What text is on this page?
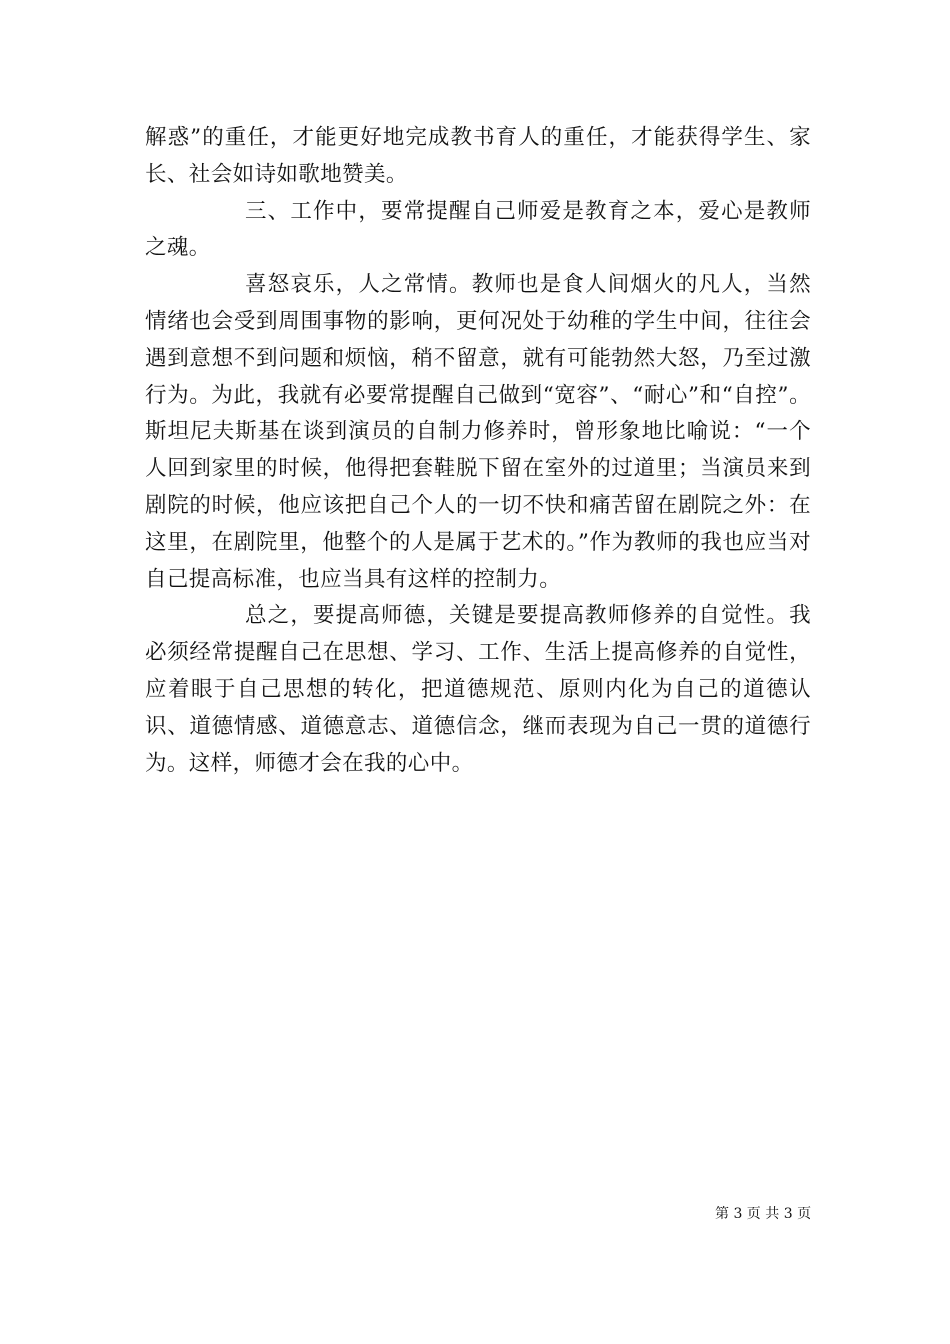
解惑”的重任，才能更好地完成教书育人的重任，才能获得学生、家长、社会如诗如歌地赞美。

三、工作中，要常提醒自己师爱是教育之本，爱心是教师之魂。

喜怒哀乐，人之常情。教师也是食人间烟火的凡人，当然情绪也会受到周围事物的影响，更何况处于幼稚的学生中间，往往会遇到意想不到问题和烦恼，稍不留意，就有可能勃然大怒，乃至过激行为。为此，我就有必要常提醒自己做到“宽容”、“耐心”和“自控”。斯坦尼夫斯基在谈到演员的自制力修养时，曾形象地比喻说：“一个人回到家里的时候，他得把套鞋脱下留在室外的过道里；当演员来到剧院的时候，他应该把自己个人的一切不快和痛苦留在剧院之外：在这里，在剧院里，他整个的人是属于艺术的。”作为教师的我也应当对自己提高标准，也应当具有这样的控制力。

总之，要提高师德，关键是要提高教师修养的自觉性。我必须经常提醒自己在思想、学习、工作、生活上提高修养的自觉性，应着眼于自己思想的转化，把道德规范、原则内化为自己的道德认识、道德情感、道德意志、道德信念，继而表现为自己一贯的道德行为。这样，师德才会在我的心中。

第 3 页 共 3 页
